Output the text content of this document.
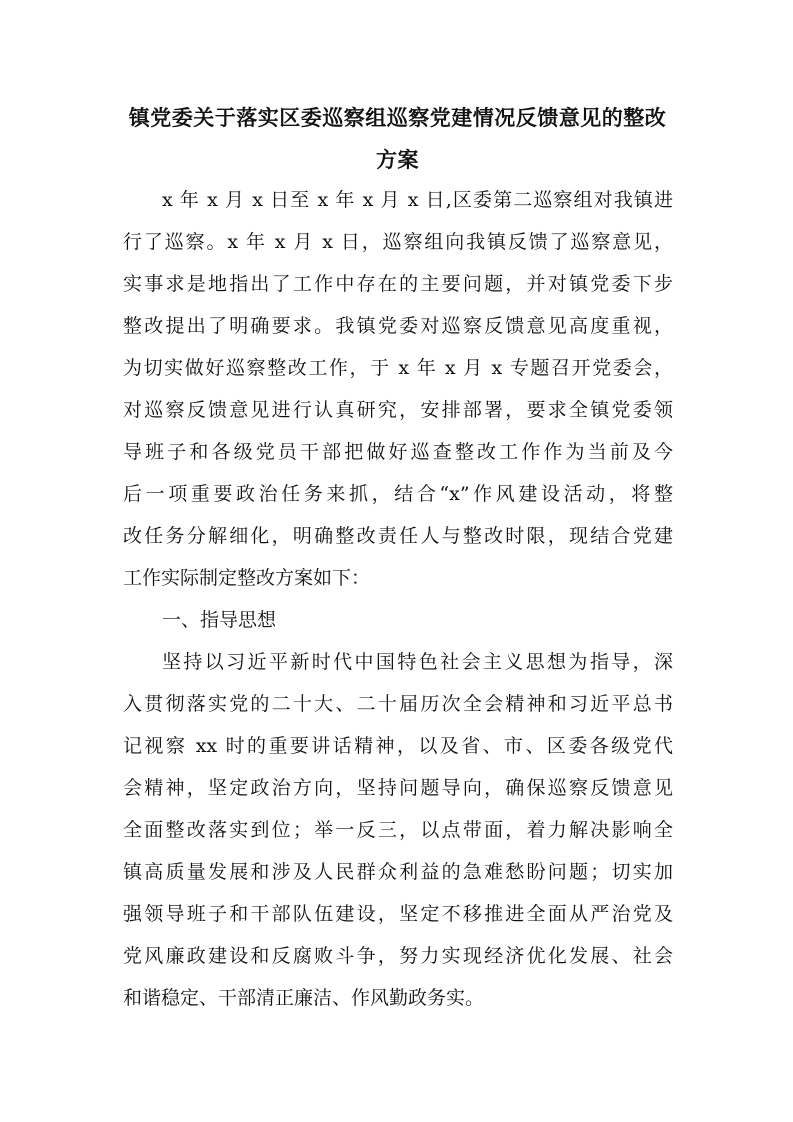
镇党委关于落实区委巡察组巡察党建情况反馈意见的整改
方案
x 年 x 月 x 日至 x 年 x 月 x 日,区委第二巡察组对我镇进
行了巡察。x 年 x 月 x 日，巡察组向我镇反馈了巡察意见，
实事求是地指出了工作中存在的主要问题，并对镇党委下步
整改提出了明确要求。我镇党委对巡察反馈意见高度重视，
为切实做好巡察整改工作，于 x 年 x 月 x 专题召开党委会，
对巡察反馈意见进行认真研究，安排部署，要求全镇党委领
导班子和各级党员干部把做好巡查整改工作作为当前及今
后一项重要政治任务来抓，结合“x”作风建设活动，将整
改任务分解细化，明确整改责任人与整改时限，现结合党建
工作实际制定整改方案如下：
一、指导思想
坚持以习近平新时代中国特色社会主义思想为指导，深
入贯彻落实党的二十大、二十届历次全会精神和习近平总书
记视察 xx 时的重要讲话精神，以及省、市、区委各级党代
会精神，坚定政治方向，坚持问题导向，确保巡察反馈意见
全面整改落实到位；举一反三，以点带面，着力解决影响全
镇高质量发展和涉及人民群众利益的急难愁盼问题；切实加
强领导班子和干部队伍建设，坚定不移推进全面从严治党及
党风廉政建设和反腐败斗争，努力实现经济优化发展、社会
和谐稳定、干部清正廉洁、作风勤政务实。
